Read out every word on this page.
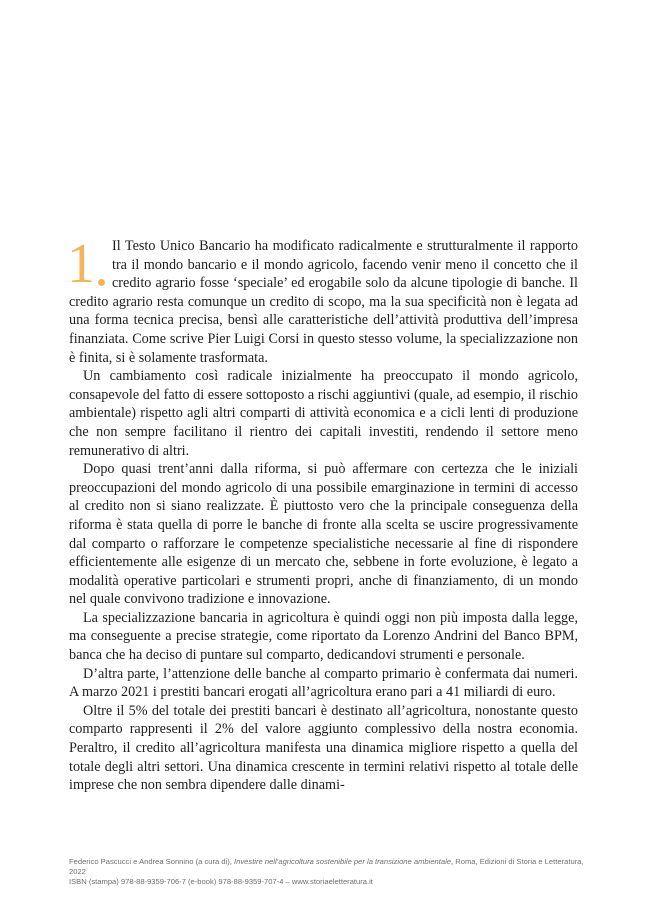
1	Il Testo Unico Bancario ha modificato radicalmente e strutturalmente il rapporto tra il mondo bancario e il mondo agricolo, facendo venir meno il concetto che il credito agrario fosse ‘speciale’ ed erogabile solo da alcune tipologie di banche. Il credito agrario resta comunque un credito di scopo, ma la sua specificità non è legata ad una forma tecnica precisa, bensì alle caratteristiche dell’attività produttiva dell’impresa finanziata. Come scrive Pier Luigi Corsi in questo stesso volume, la specializzazione non è finita, si è solamente trasformata.

Un cambiamento così radicale inizialmente ha preoccupato il mondo agricolo, consapevole del fatto di essere sottoposto a rischi aggiuntivi (quale, ad esempio, il rischio ambientale) rispetto agli altri comparti di attività economica e a cicli lenti di produzione che non sempre facilitano il rientro dei capitali investiti, rendendo il settore meno remunerativo di altri.

Dopo quasi trent’anni dalla riforma, si può affermare con certezza che le iniziali preoccupazioni del mondo agricolo di una possibile emarginazione in termini di accesso al credito non si siano realizzate. È piuttosto vero che la principale conseguenza della riforma è stata quella di porre le banche di fronte alla scelta se uscire progressivamente dal comparto o rafforzare le competenze specialistiche necessarie al fine di rispondere efficientemente alle esigenze di un mercato che, sebbene in forte evoluzione, è legato a modalità operative particolari e strumenti propri, anche di finanziamento, di un mondo nel quale convivono tradizione e innovazione.

La specializzazione bancaria in agricoltura è quindi oggi non più imposta dalla legge, ma conseguente a precise strategie, come riportato da Lorenzo Andrini del Banco BPM, banca che ha deciso di puntare sul comparto, dedicandovi strumenti e personale.

D’altra parte, l’attenzione delle banche al comparto primario è confermata dai numeri. A marzo 2021 i prestiti bancari erogati all’agricoltura erano pari a 41 miliardi di euro.

Oltre il 5% del totale dei prestiti bancari è destinato all’agricoltura, nonostante questo comparto rappresenti il 2% del valore aggiunto complessivo della nostra economia. Peraltro, il credito all’agricoltura manifesta una dinamica migliore rispetto a quella del totale degli altri settori. Una dinamica crescente in termini relativi rispetto al totale delle imprese che non sembra dipendere dalle dinami-

Federico Pascucci e Andrea Sonnino (a cura di), Investire nell’agricoltura sostenibile per la transizione ambientale, Roma, Edizioni di Storia e Letteratura, 2022
ISBN (stampa) 978-88-9359-706-7 (e-book) 978-88-9359-707-4 – www.storiaeletteratura.it
